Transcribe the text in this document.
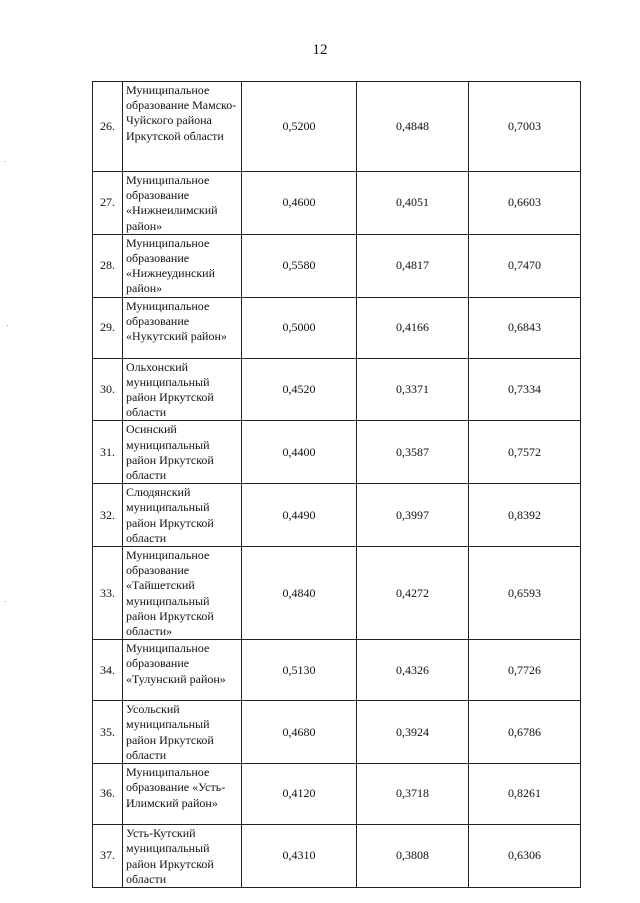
12
26.	Муниципальное образование Мамско-Чуйского района Иркутской области	0,5200	0,4848	0,7003
27.	Муниципальное образование «Нижнеилимский район»	0,4600	0,4051	0,6603
28.	Муниципальное образование «Нижнеудинский район»	0,5580	0,4817	0,7470
29.	Муниципальное образование «Нукутский район»	0,5000	0,4166	0,6843
30.	Ольхонский муниципальный район Иркутской области	0,4520	0,3371	0,7334
31.	Осинский муниципальный район Иркутской области	0,4400	0,3587	0,7572
32.	Слюдянский муниципальный район Иркутской области	0,4490	0,3997	0,8392
33.	Муниципальное образование «Тайшетский муниципальный район Иркутской области»	0,4840	0,4272	0,6593
34.	Муниципальное образование «Тулунский район»	0,5130	0,4326	0,7726
35.	Усольский муниципальный район Иркутской области	0,4680	0,3924	0,6786
36.	Муниципальное образование «Усть-Илимский район»	0,4120	0,3718	0,8261
37.	Усть-Кутский муниципальный район Иркутской области	0,4310	0,3808	0,6306
